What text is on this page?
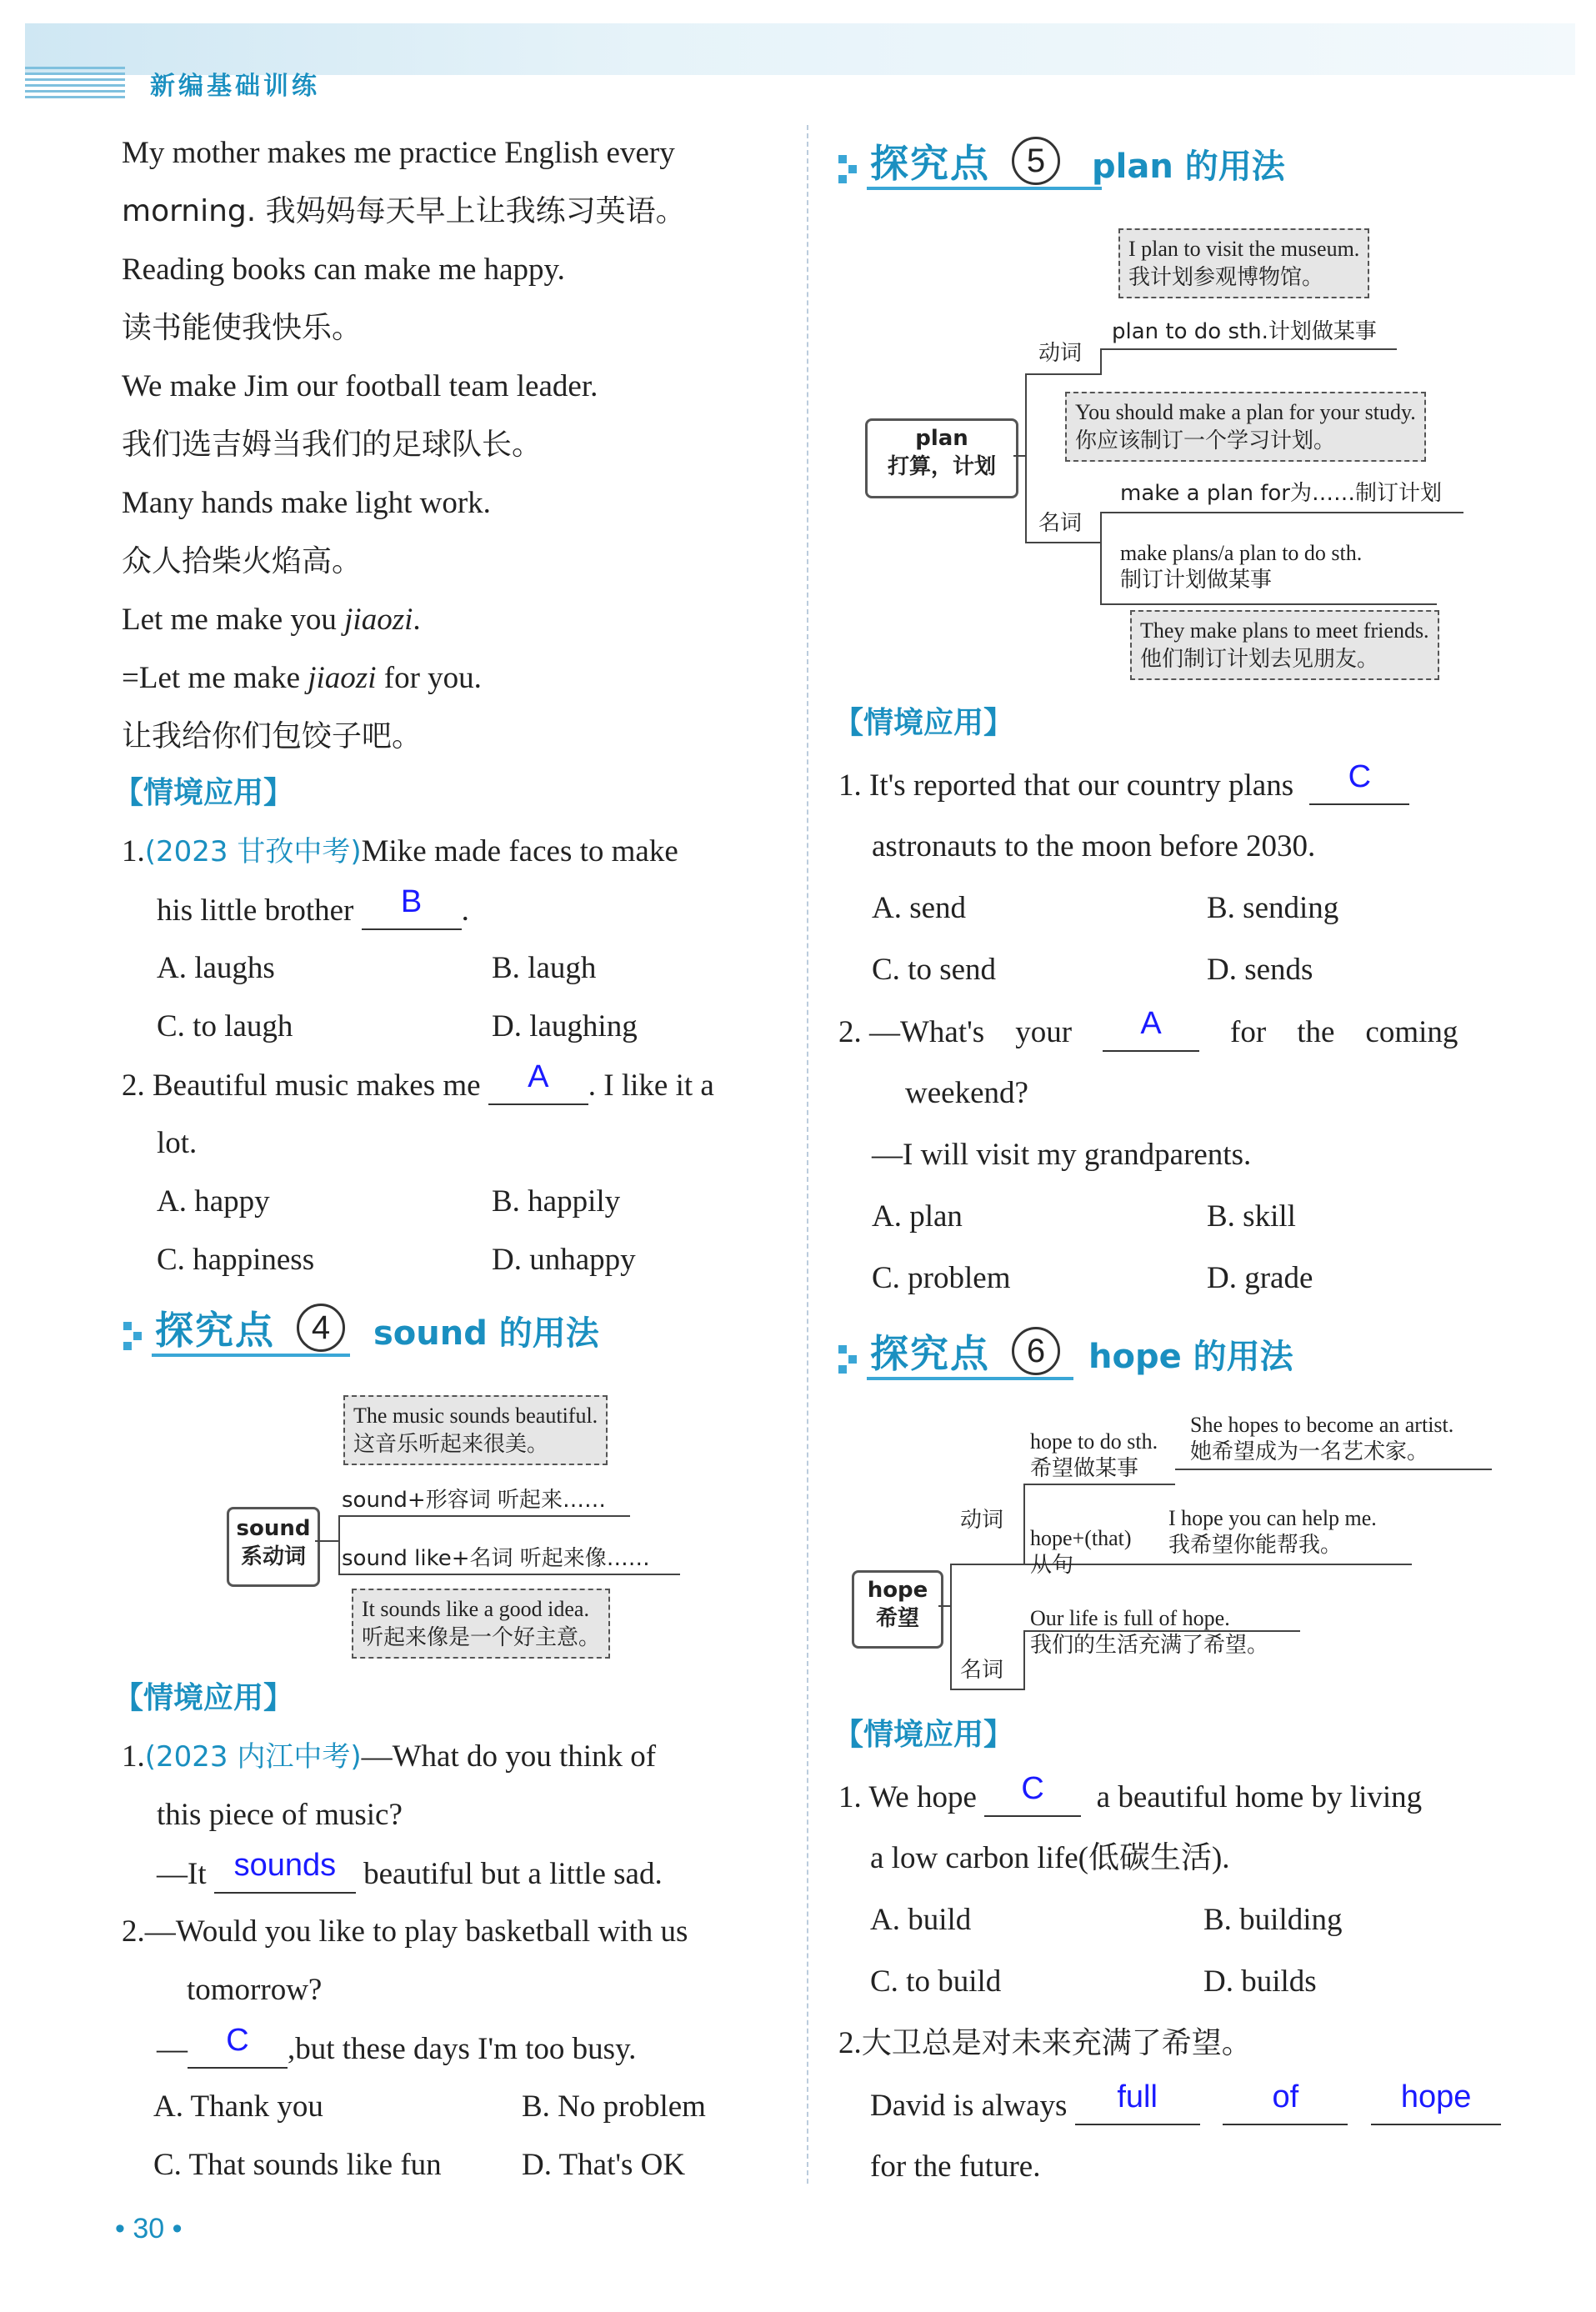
新编基础训练
My mother makes me practice English every
morning. 我妈妈每天早上让我练习英语。
Reading books can make me happy.
读书能使我快乐。
We make Jim our football team leader.
我们选吉姆当我们的足球队长。
Many hands make light work.
众人拾柴火焰高。
Let me make you jiaozi.
=Let me make jiaozi for you.
让我给你们包饺子吧。
【情境应用】
1.(2023 甘孜中考)Mike made faces to make
his little brother B .
A. laughs	B. laugh
C. to laugh	D. laughing
2. Beautiful music makes me A . I like it a
lot.
A. happy	B. happily
C. happiness	D. unhappy
探究点	4	sound 的用法
sound
系动词
The music sounds beautiful.
这音乐听起来很美。
sound+形容词 听起来……
sound like+名词 听起来像……
It sounds like a good idea.
听起来像是一个好主意。
【情境应用】
1.(2023 内江中考)—What do you think of
this piece of music?
—It sounds beautiful but a little sad.
2.—Would you like to play basketball with us
tomorrow?
— C ,but these days I'm too busy.
A. Thank you	B. No problem
C. That sounds like fun	D. That's OK
• 30 •
探究点	5	plan 的用法
plan
打算，计划
动词
名词
I plan to visit the museum.
我计划参观博物馆。
plan to do sth.计划做某事
You should make a plan for your study.
你应该制订一个学习计划。
make a plan for为……制订计划
make plans/a plan to do sth.
制订计划做某事
They make plans to meet friends.
他们制订计划去见朋友。
【情境应用】
1. It's reported that our country plans C
astronauts to the moon before 2030.
A. send	B. sending
C. to send	D. sends
2. —What's your A for the coming
weekend?
—I will visit my grandparents.
A. plan	B. skill
C. problem	D. grade
探究点	6	hope 的用法
hope
希望
动词
名词
hope to do sth.
希望做某事
She hopes to become an artist.
她希望成为一名艺术家。
hope+(that)
从句
I hope you can help me.
我希望你能帮我。
Our life is full of hope.
我们的生活充满了希望。
【情境应用】
1. We hope C a beautiful home by living
a low carbon life(低碳生活).
A. build	B. building
C. to build	D. builds
2.大卫总是对未来充满了希望。
David is always full	of	hope
for the future.
